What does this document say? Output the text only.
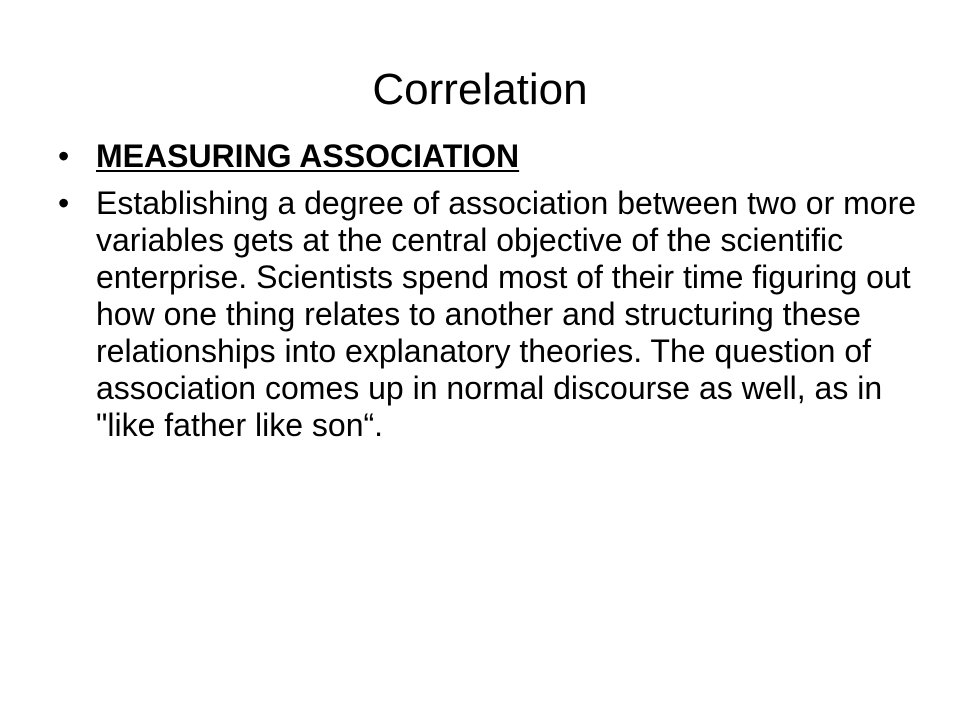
Correlation
• MEASURING ASSOCIATION
• Establishing a degree of association between two or more variables gets at the central objective of the scientific enterprise. Scientists spend most of their time figuring out how one thing relates to another and structuring these relationships into explanatory theories. The question of association comes up in normal discourse as well, as in "like father like son“.
